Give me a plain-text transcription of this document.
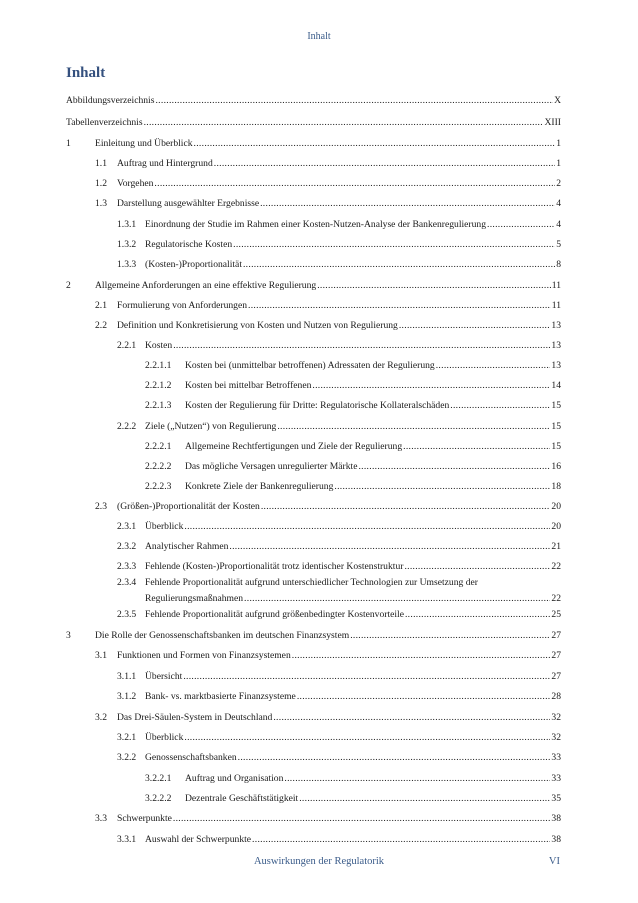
Inhalt
Inhalt
Abbildungsverzeichnis .....	X
Tabellenverzeichnis .....	XIII
1	Einleitung und Überblick .....	1
1.1 Auftrag und Hintergrund .....	1
1.2 Vorgehen .....	2
1.3 Darstellung ausgewählter Ergebnisse .....	4
1.3.1 Einordnung der Studie im Rahmen einer Kosten-Nutzen-Analyse der Bankenregulierung .....	4
1.3.2 Regulatorische Kosten .....	5
1.3.3 (Kosten-)Proportionalität .....	8
2	Allgemeine Anforderungen an eine effektive Regulierung .....	11
2.1 Formulierung von Anforderungen .....	11
2.2 Definition und Konkretisierung von Kosten und Nutzen von Regulierung .....	13
2.2.1 Kosten .....	13
2.2.1.1 Kosten bei (unmittelbar betroffenen) Adressaten der Regulierung .....	13
2.2.1.2 Kosten bei mittelbar Betroffenen .....	14
2.2.1.3 Kosten der Regulierung für Dritte: Regulatorische Kollateralschäden .....	15
2.2.2 Ziele („Nutzen“) von Regulierung .....	15
2.2.2.1 Allgemeine Rechtfertigungen und Ziele der Regulierung .....	15
2.2.2.2 Das mögliche Versagen unregulierter Märkte .....	16
2.2.2.3 Konkrete Ziele der Bankenregulierung .....	18
2.3 (Größen-)Proportionalität der Kosten .....	20
2.3.1 Überblick .....	20
2.3.2 Analytischer Rahmen .....	21
2.3.3 Fehlende (Kosten-)Proportionalität trotz identischer Kostenstruktur .....	22
2.3.4 Fehlende Proportionalität aufgrund unterschiedlicher Technologien zur Umsetzung der
Regulierungsmaßnahmen .....	22
2.3.5 Fehlende Proportionalität aufgrund größenbedingter Kostenvorteile .....	25
3	Die Rolle der Genossenschaftsbanken im deutschen Finanzsystem .....	27
3.1 Funktionen und Formen von Finanzsystemen .....	27
3.1.1 Übersicht .....	27
3.1.2 Bank- vs. marktbasierte Finanzsysteme .....	28
3.2 Das Drei-Säulen-System in Deutschland .....	32
3.2.1 Überblick .....	32
3.2.2 Genossenschaftsbanken .....	33
3.2.2.1 Auftrag und Organisation .....	33
3.2.2.2 Dezentrale Geschäftstätigkeit .....	35
3.3 Schwerpunkte .....	38
3.3.1 Auswahl der Schwerpunkte .....	38
Auswirkungen der Regulatorik	VI
